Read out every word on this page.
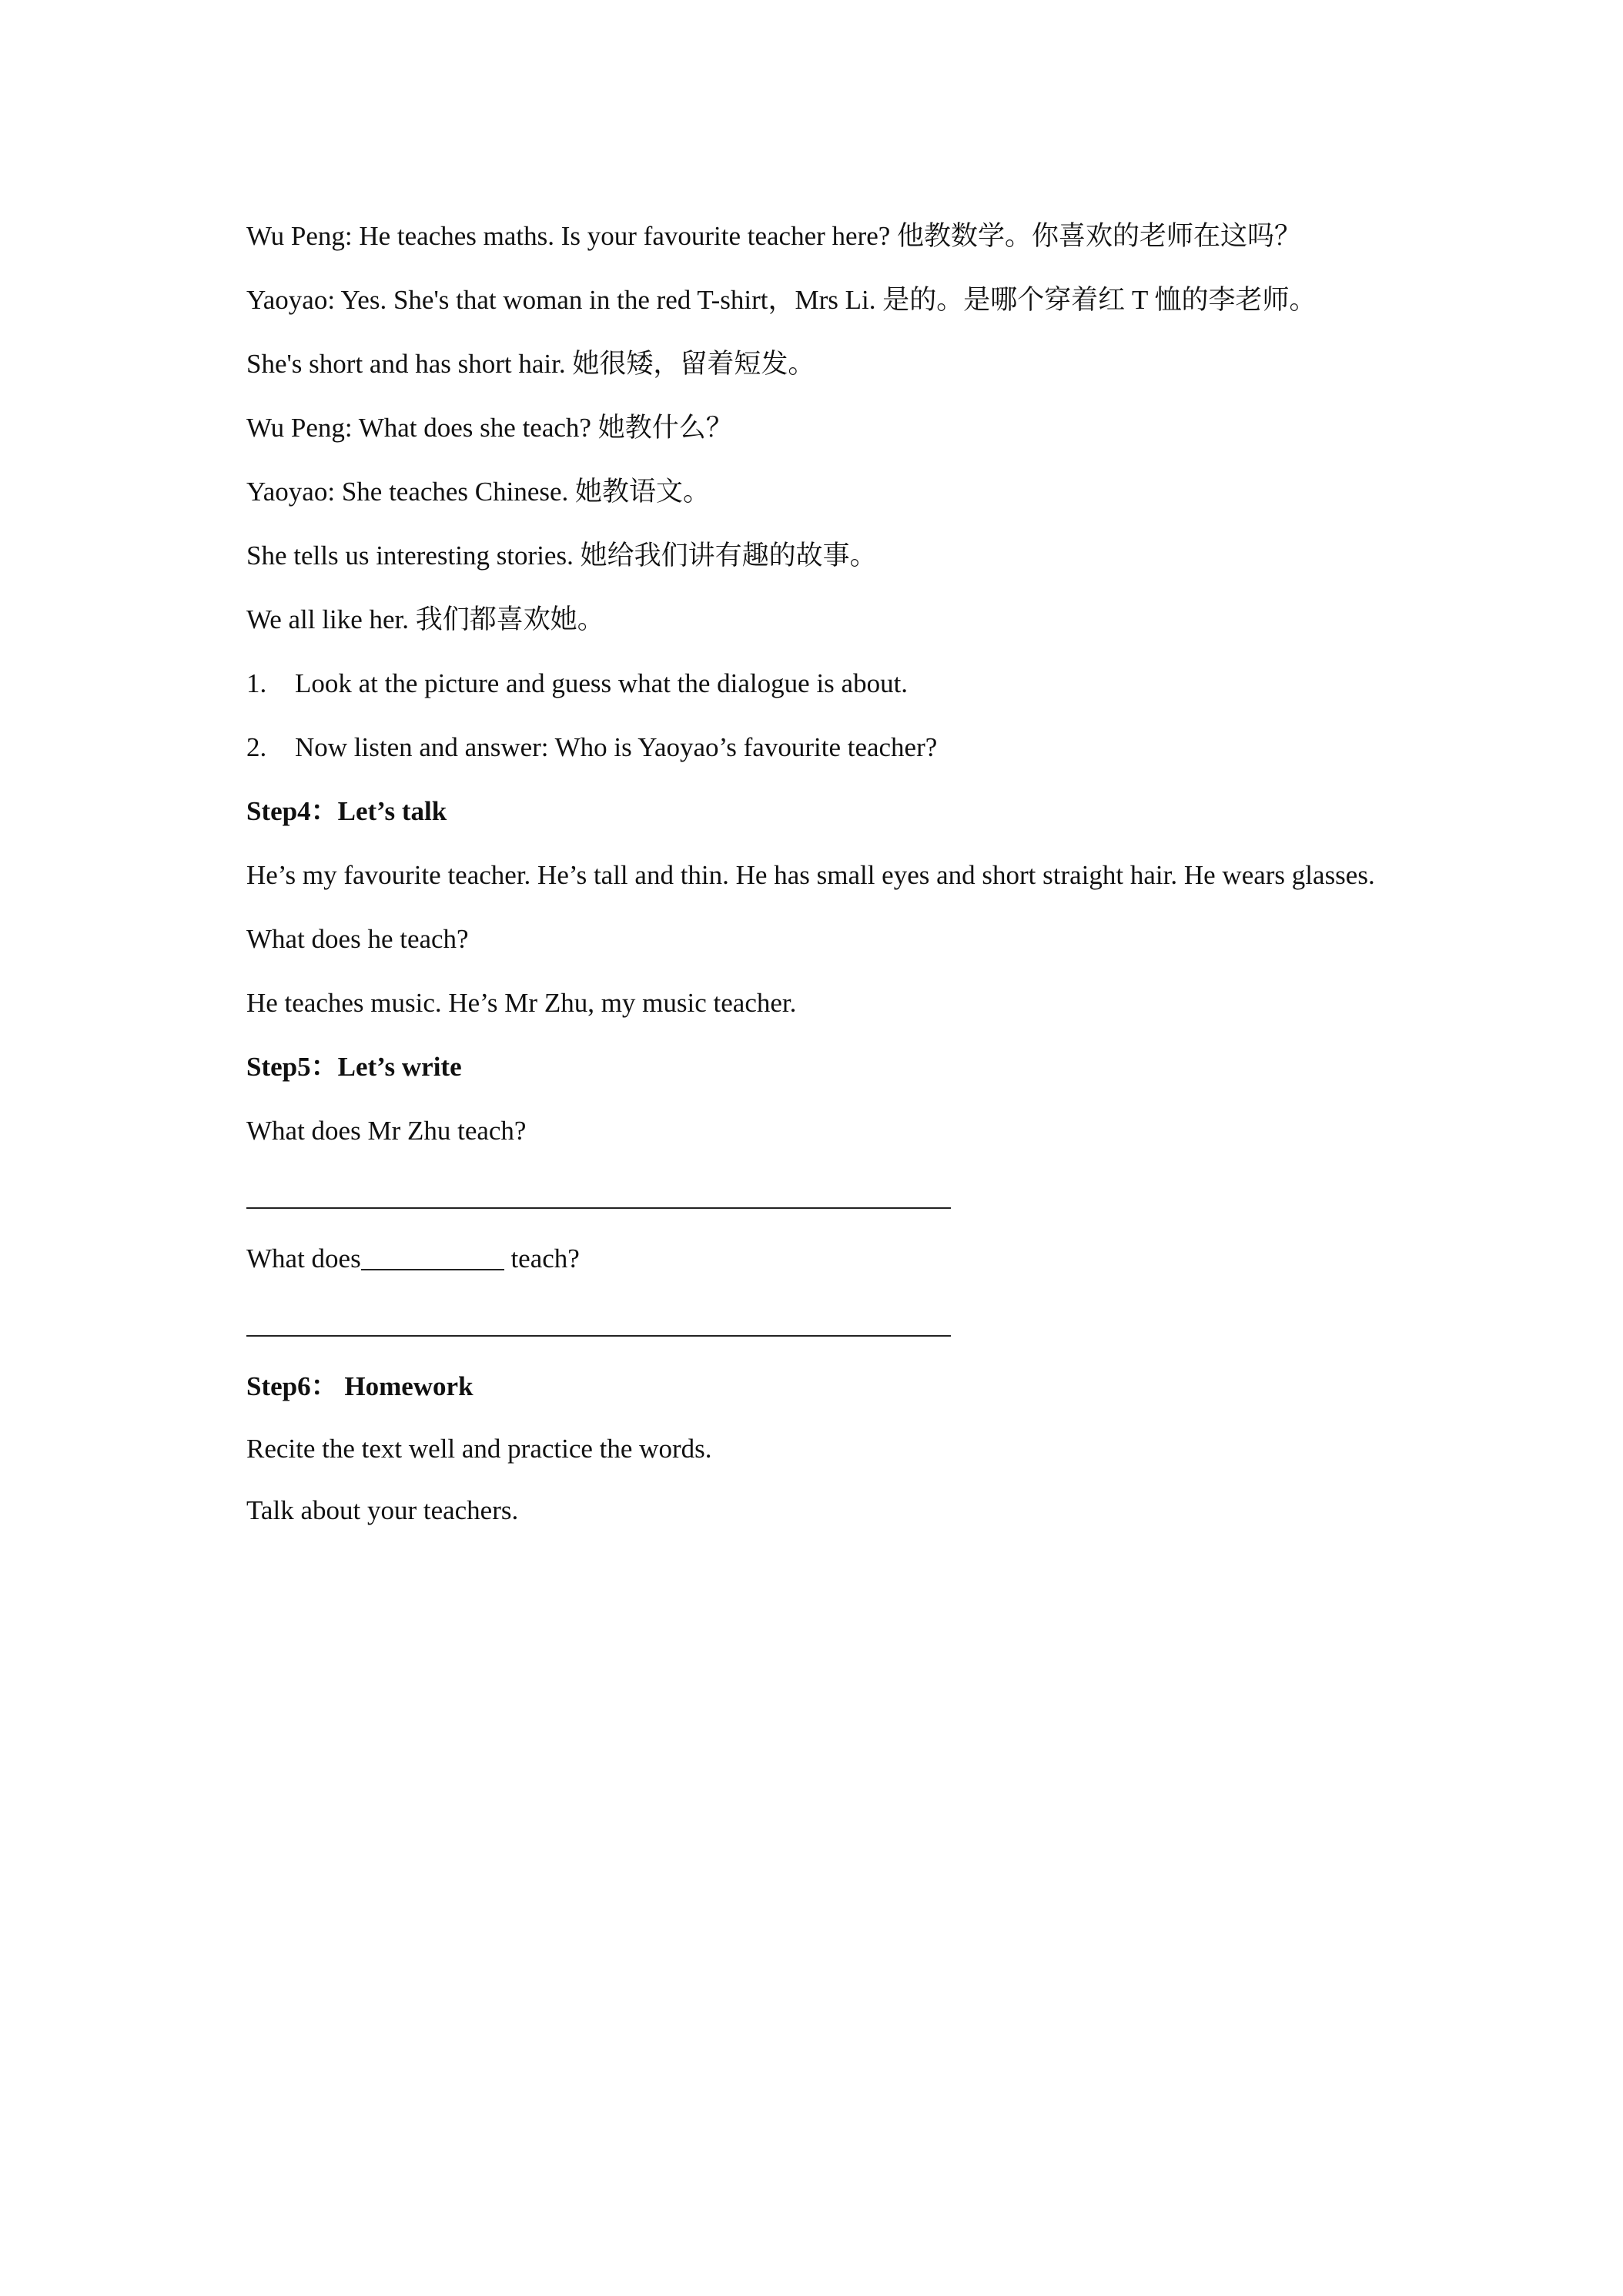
Wu Peng: He teaches maths. Is your favourite teacher here? 他教数学。你喜欢的老师在这吗？
Yaoyao: Yes. She's that woman in the red T-shirt，Mrs Li. 是的。是哪个穿着红 T 恤的李老师。
She's short and has short hair. 她很矮，留着短发。
Wu Peng: What does she teach? 她教什么？
Yaoyao: She teaches Chinese. 她教语文。
She tells us interesting stories. 她给我们讲有趣的故事。
We all like her. 我们都喜欢她。
1. Look at the picture and guess what the dialogue is about.
2. Now listen and answer: Who is Yaoyao’s favourite teacher?
Step4：Let’s talk
He’s my favourite teacher. He’s tall and thin. He has small eyes and short straight hair. He wears glasses.
What does he teach?
He teaches music. He’s Mr Zhu, my music teacher.
Step5：Let’s write
What does Mr Zhu teach?
What does	teach?
Step6： Homework
Recite the text well and practice the words.
Talk about your teachers.
